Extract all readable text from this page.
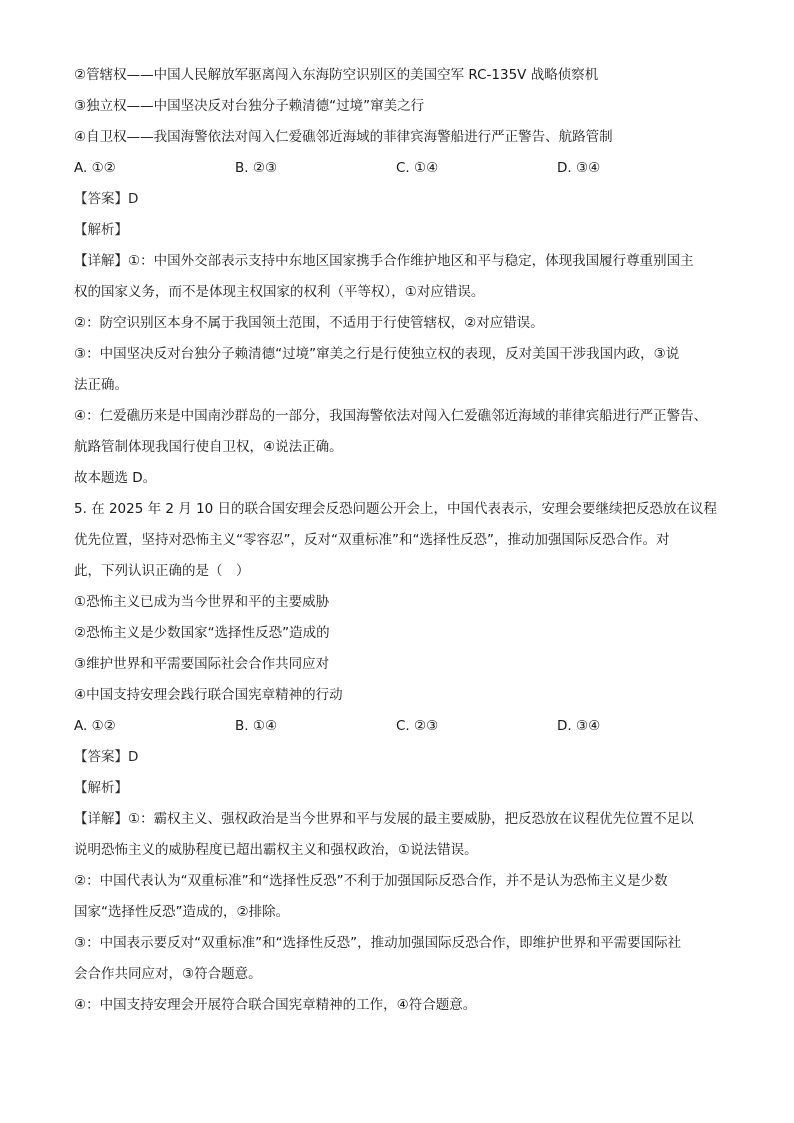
②管辖权——中国人民解放军驱离闯入东海防空识别区的美国空军 RC-135V 战略侦察机
③独立权——中国坚决反对台独分子赖清德“过境”窜美之行
④自卫权——我国海警依法对闯入仁爱礁邻近海域的菲律宾海警船进行严正警告、航路管制
A. ①②	B. ②③	C. ①④	D. ③④
【答案】D
【解析】
【详解】①：中国外交部表示支持中东地区国家携手合作维护地区和平与稳定，体现我国履行尊重别国主
权的国家义务，而不是体现主权国家的权利（平等权），①对应错误。
②：防空识别区本身不属于我国领土范围，不适用于行使管辖权，②对应错误。
③：中国坚决反对台独分子赖清德“过境”窜美之行是行使独立权的表现，反对美国干涉我国内政，③说
法正确。
④：仁爱礁历来是中国南沙群岛的一部分，我国海警依法对闯入仁爱礁邻近海域的菲律宾船进行严正警告、
航路管制体现我国行使自卫权，④说法正确。
故本题选 D。
5. 在 2025 年 2 月 10 日的联合国安理会反恐问题公开会上，中国代表表示，安理会要继续把反恐放在议程
优先位置，坚持对恐怖主义“零容忍”，反对“双重标准”和“选择性反恐”，推动加强国际反恐合作。对
此，下列认识正确的是（　）
①恐怖主义已成为当今世界和平的主要威胁
②恐怖主义是少数国家“选择性反恐”造成的
③维护世界和平需要国际社会合作共同应对
④中国支持安理会践行联合国宪章精神的行动
A. ①②	B. ①④	C. ②③	D. ③④
【答案】D
【解析】
【详解】①：霸权主义、强权政治是当今世界和平与发展的最主要威胁，把反恐放在议程优先位置不足以
说明恐怖主义的威胁程度已超出霸权主义和强权政治，①说法错误。
②：中国代表认为“双重标准”和“选择性反恐”不利于加强国际反恐合作，并不是认为恐怖主义是少数
国家“选择性反恐”造成的，②排除。
③：中国表示要反对“双重标准”和“选择性反恐”，推动加强国际反恐合作，即维护世界和平需要国际社
会合作共同应对，③符合题意。
④：中国支持安理会开展符合联合国宪章精神的工作，④符合题意。
